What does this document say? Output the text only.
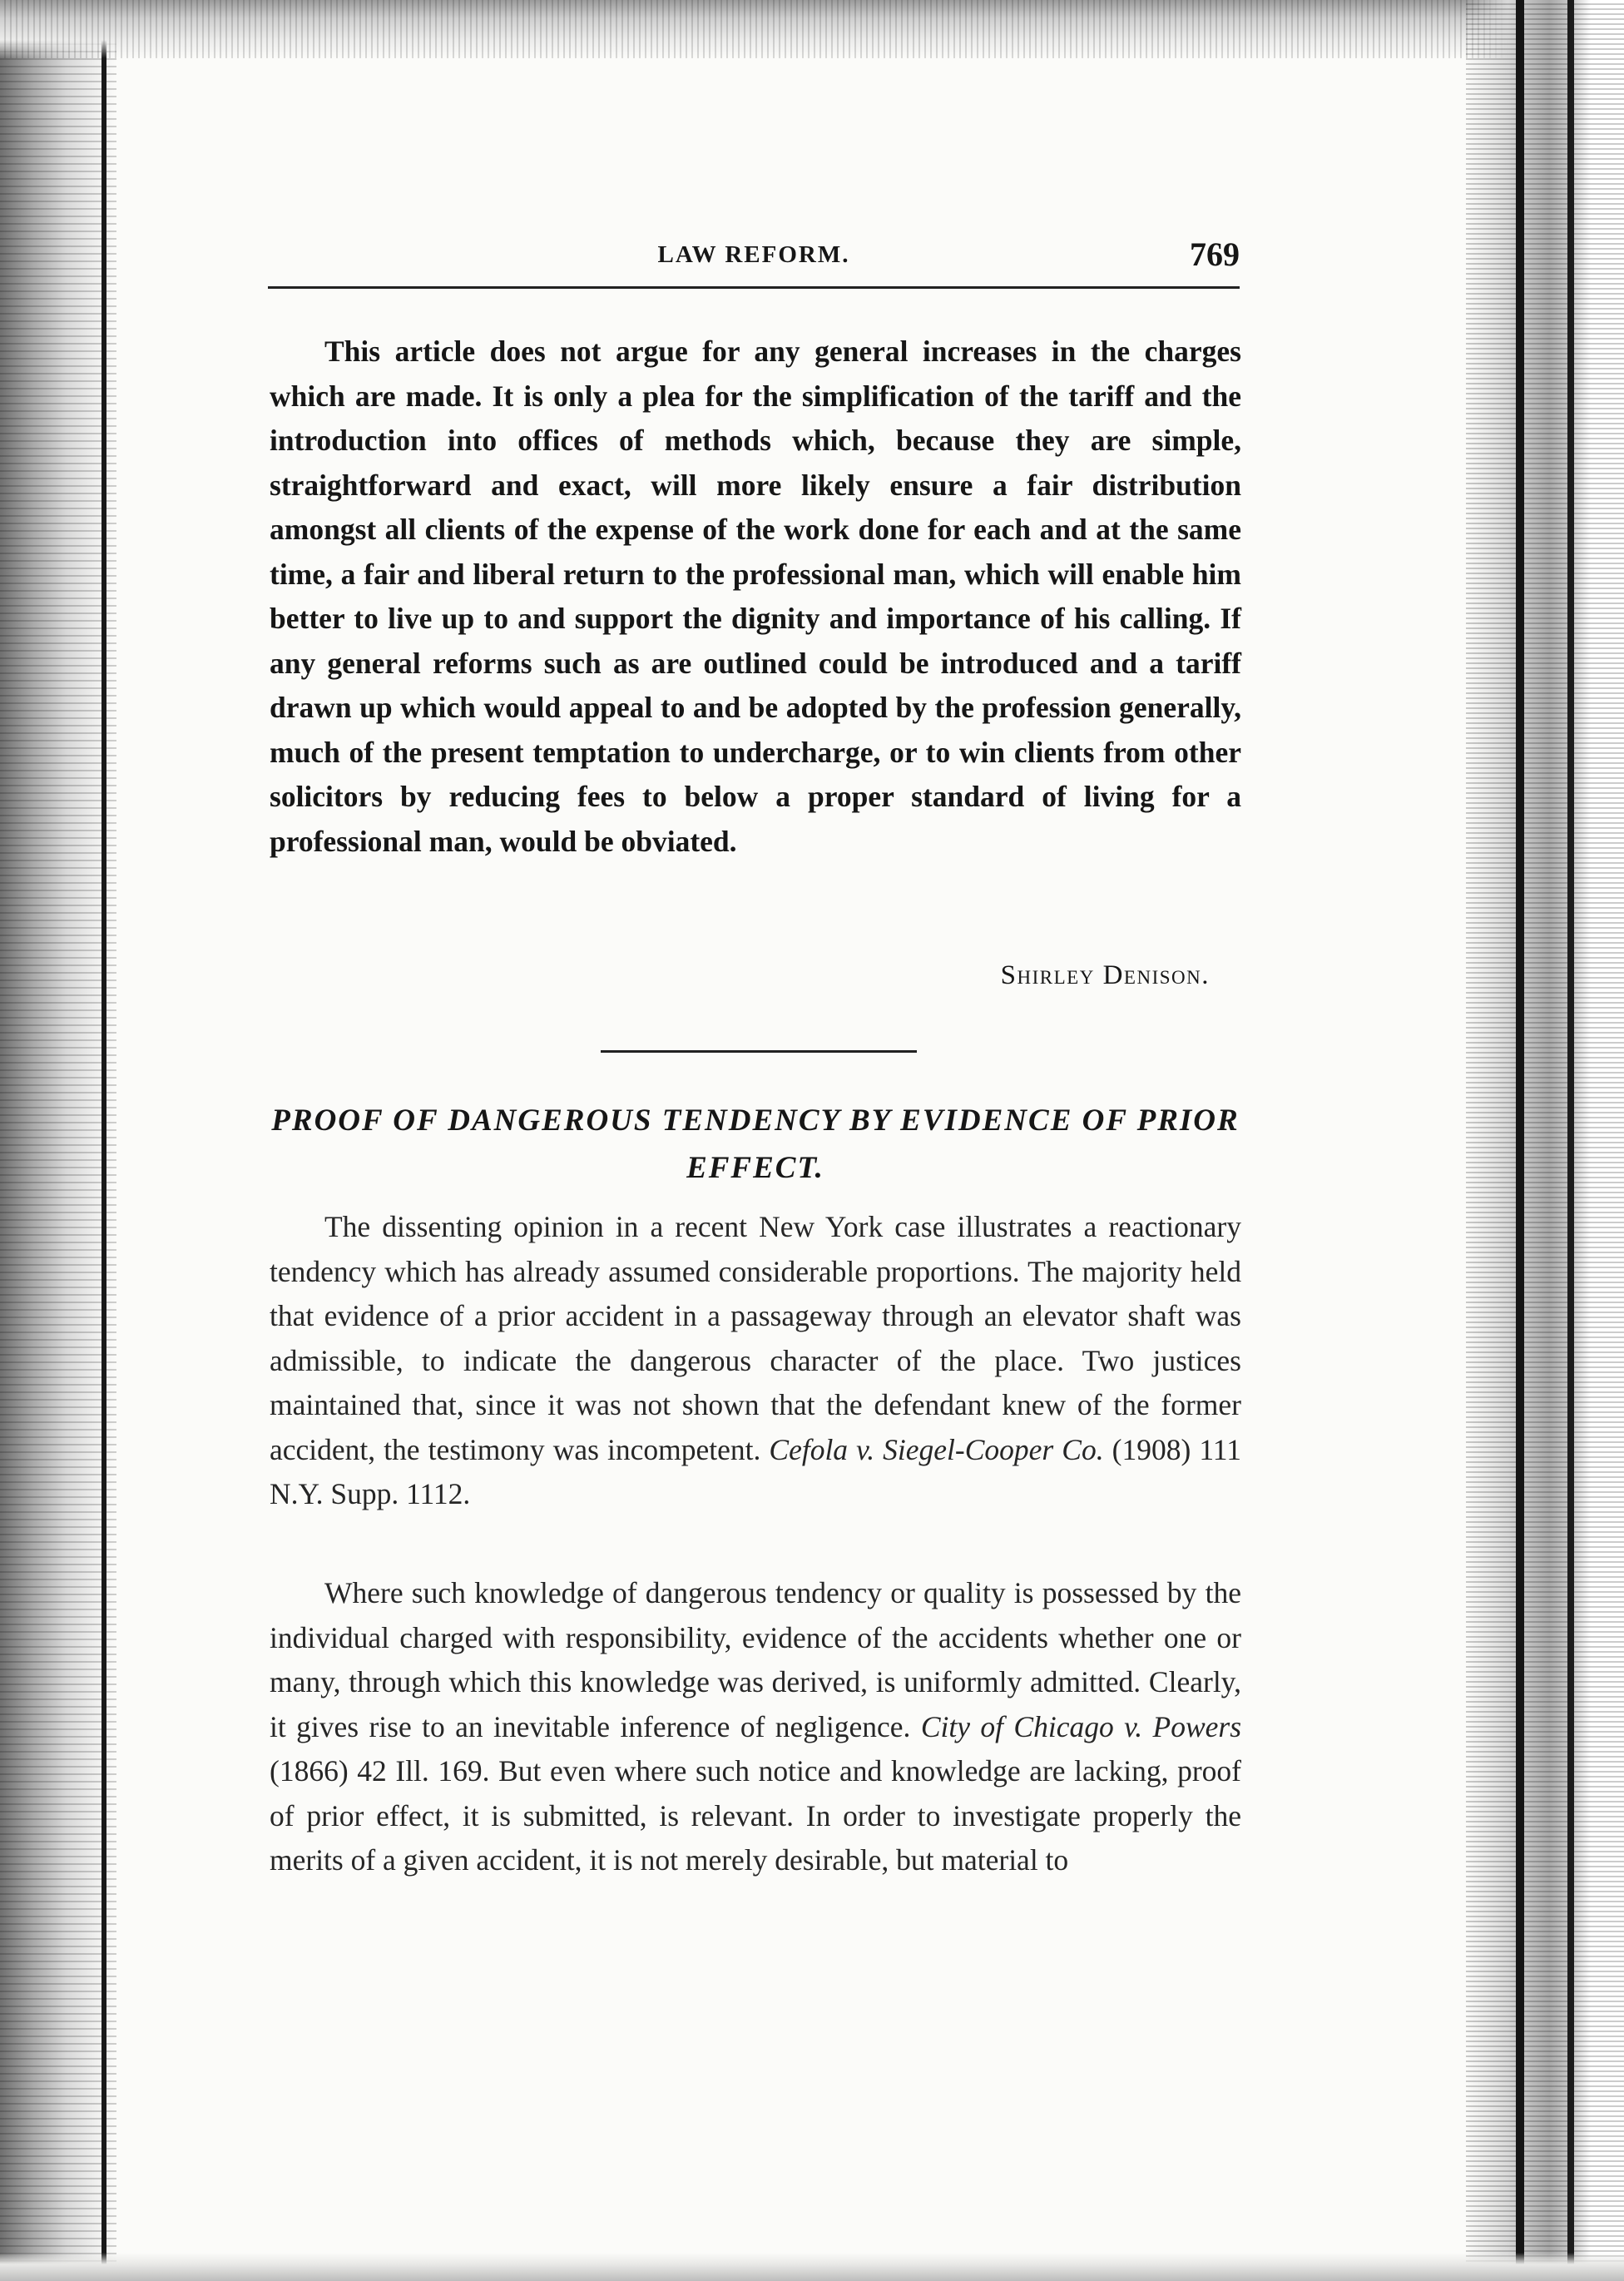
LAW REFORM.	769

This article does not argue for any general increases in the charges which are made. It is only a plea for the simplification of the tariff and the introduction into offices of methods which, because they are simple, straightforward and exact, will more likely ensure a fair distribution amongst all clients of the expense of the work done for each and at the same time, a fair and liberal return to the professional man, which will enable him better to live up to and support the dignity and importance of his calling. If any general reforms such as are outlined could be introduced and a tariff drawn up which would appeal to and be adopted by the profession generally, much of the present temptation to undercharge, or to win clients from other solicitors by reducing fees to below a proper standard of living for a professional man, would be obviated.

Shirley Denison.
PROOF OF DANGEROUS TENDENCY BY EVIDENCE OF PRIOR EFFECT.

The dissenting opinion in a recent New York case illustrates a reactionary tendency which has already assumed considerable proportions. The majority held that evidence of a prior accident in a passageway through an elevator shaft was admissible, to indicate the dangerous character of the place. Two justices maintained that, since it was not shown that the defendant knew of the former accident, the testimony was incompetent. Cefola v. Siegel-Cooper Co. (1908) 111 N.Y. Supp. 1112.

Where such knowledge of dangerous tendency or quality is possessed by the individual charged with responsibility, evidence of the accidents whether one or many, through which this knowledge was derived, is uniformly admitted. Clearly, it gives rise to an inevitable inference of negligence. City of Chicago v. Powers (1866) 42 Ill. 169. But even where such notice and knowledge are lacking, proof of prior effect, it is submitted, is relevant. In order to investigate properly the merits of a given accident, it is not merely desirable, but material to
